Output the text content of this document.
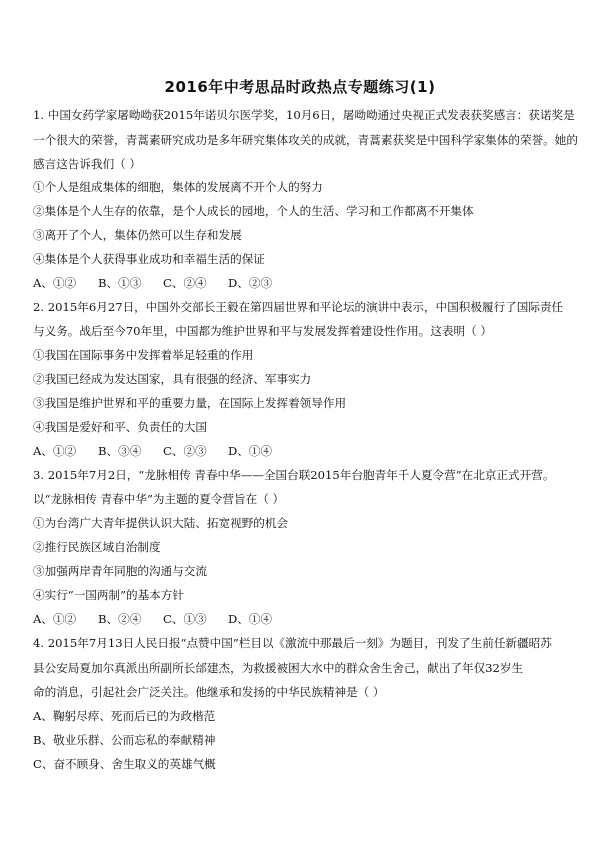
2016年中考思品时政热点专题练习(1)
1. 中国女药学家屠呦呦获2015年诺贝尔医学奖，10月6日，屠呦呦通过央视正式发表获奖感言：获诺奖是
一个很大的荣誉，青蒿素研究成功是多年研究集体攻关的成就，青蒿素获奖是中国科学家集体的荣誉。她的
感言这告诉我们（ ）
①个人是组成集体的细胞，集体的发展离不开个人的努力
②集体是个人生存的依靠，是个人成长的园地，个人的生活、学习和工作都离不开集体
③离开了个人，集体仍然可以生存和发展
④集体是个人获得事业成功和幸福生活的保证
A、①② B、①③ C、②④ D、②③
2. 2015年6月27日，中国外交部长王毅在第四届世界和平论坛的演讲中表示，中国积极履行了国际责任
与义务。战后至今70年里，中国都为维护世界和平与发展发挥着建设性作用。这表明（ ）
①我国在国际事务中发挥着举足轻重的作用
②我国已经成为发达国家，具有很强的经济、军事实力
③我国是维护世界和平的重要力量，在国际上发挥着领导作用
④我国是爱好和平、负责任的大国
A、①② B、③④ C、②③ D、①④
3. 2015年7月2日，“龙脉相传 青春中华——全国台联2015年台胞青年千人夏令营”在北京正式开营。
以“龙脉相传 青春中华”为主题的夏令营旨在（ ）
①为台湾广大青年提供认识大陆、拓宽视野的机会
②推行民族区域自治制度
③加强两岸青年同胞的沟通与交流
④实行“一国两制”的基本方针
A、①② B、②④ C、①③ D、①④
4. 2015年7月13日人民日报“点赞中国”栏目以《激流中那最后一刻》为题目，刊发了生前任新疆昭苏
县公安局夏加尔真派出所副所长邰建杰，为救援被困大水中的群众舍生舍己，献出了年仅32岁生
命的消息，引起社会广泛关注。他继承和发扬的中华民族精神是（ ）
A、鞠躬尽瘁、死而后已的为政楷范
B、敬业乐群、公而忘私的奉献精神
C、奋不顾身、舍生取义的英雄气概
